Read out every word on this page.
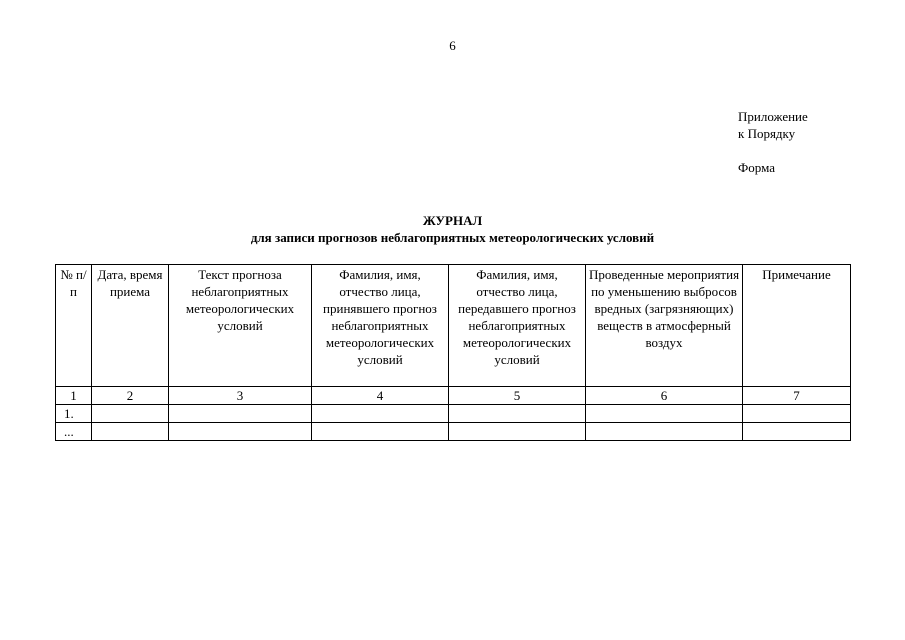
6
Приложение
к Порядку
Форма
ЖУРНАЛ
для записи прогнозов неблагоприятных метеорологических условий
№ п/п	Дата, время приема	Текст прогноза неблагоприятных метеорологических условий	Фамилия, имя, отчество лица, принявшего прогноз неблагоприятных метеорологических условий	Фамилия, имя, отчество лица, передавшего прогноз неблагоприятных метеорологических условий	Проведенные мероприятия по уменьшению выбросов вредных (загрязняющих) веществ в атмосферный воздух	Примечание
1	2	3	4	5	6	7
1.						
...						
